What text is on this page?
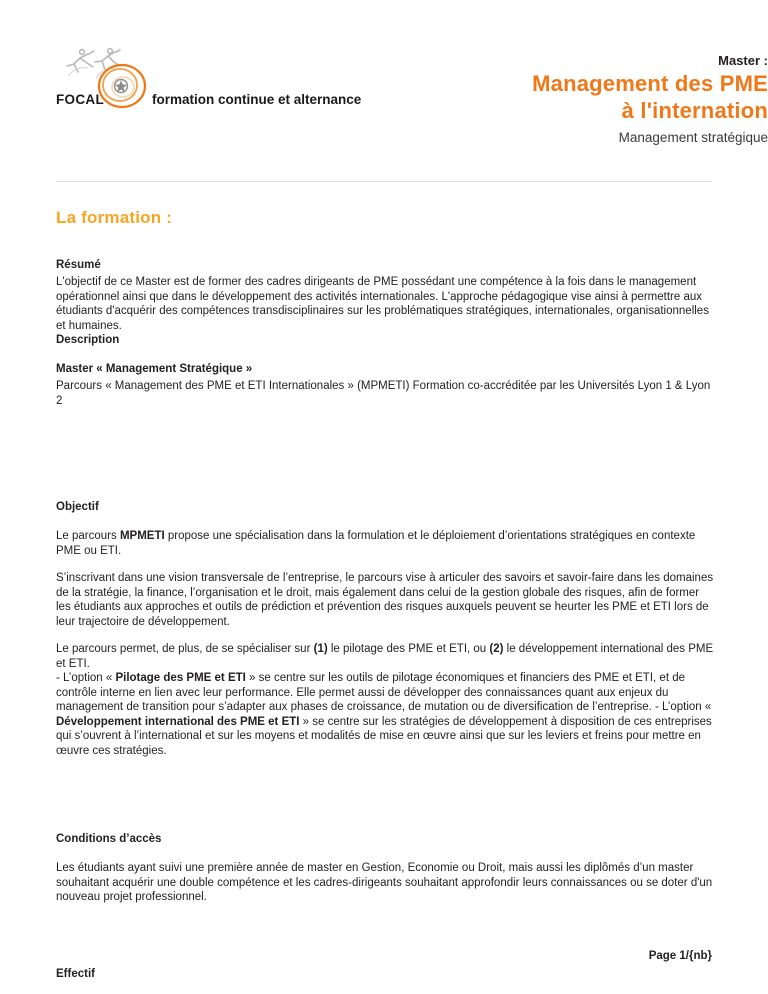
FOCAL	formation continue et alternance
Master :
Management des PME
à l'internation
Management stratégique
La formation :
Résumé

L'objectif de ce Master est de former des cadres dirigeants de PME possédant une compétence à la fois dans le management opérationnel ainsi que dans le développement des activités internationales. L'approche pédagogique vise ainsi à permettre aux étudiants d'acquérir des compétences transdisciplinaires sur les problématiques stratégiques, internationales, organisationnelles et humaines.

Description
Master « Management Stratégique »

Parcours « Management des PME et ETI Internationales » (MPMETI) Formation co-accréditée par les Universités Lyon 1 & Lyon 2

Objectif

Le parcours MPMETI propose une spécialisation dans la formulation et le déploiement d’orientations stratégiques en contexte PME ou ETI.

S’inscrivant dans une vision transversale de l’entreprise, le parcours vise à articuler des savoirs et savoir-faire dans les domaines de la stratégie, la finance, l’organisation et le droit, mais également dans celui de la gestion globale des risques, afin de former les étudiants aux approches et outils de prédiction et prévention des risques auxquels peuvent se heurter les PME et ETI lors de leur trajectoire de développement.

Le parcours permet, de plus, de se spécialiser sur (1) le pilotage des PME et ETI, ou (2) le développement international des PME et ETI.

- L’option « Pilotage des PME et ETI » se centre sur les outils de pilotage économiques et financiers des PME et ETI, et de contrôle interne en lien avec leur performance. Elle permet aussi de développer des connaissances quant aux enjeux du management de transition pour s’adapter aux phases de croissance, de mutation ou de diversification de l’entreprise. - L’option « Développement international des PME et ETI » se centre sur les stratégies de développement à disposition de ces entreprises qui s’ouvrent à l’international et sur les moyens et modalités de mise en œuvre ainsi que sur les leviers et freins pour mettre en œuvre ces stratégies.

Conditions d’accès

Les étudiants ayant suivi une première année de master en Gestion, Economie ou Droit, mais aussi les diplômés d’un master souhaitant acquérir une double compétence et les cadres-dirigeants souhaitant approfondir leurs connaissances ou se doter d'un nouveau projet professionnel.

Effectif
Page 1/{nb}
